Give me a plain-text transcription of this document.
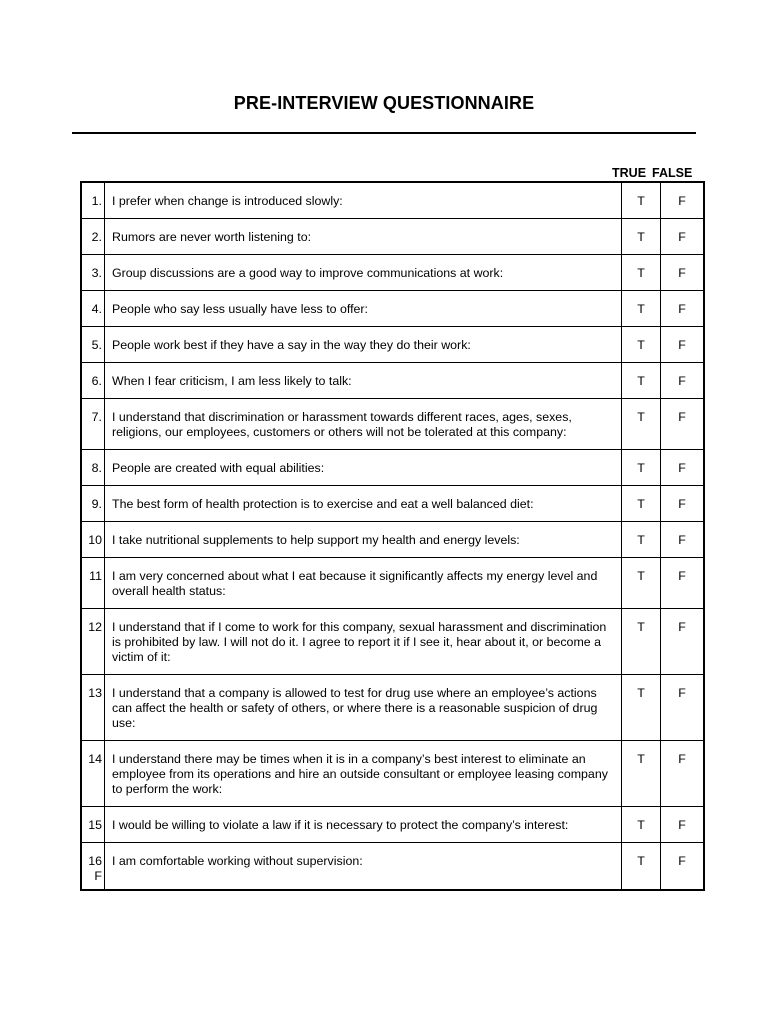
PRE-INTERVIEW QUESTIONNAIRE
TRUE FALSE
1.	I prefer when change is introduced slowly:	T	F
2.	Rumors are never worth listening to:	T	F
3.	Group discussions are a good way to improve communications at work:	T	F
4.	People who say less usually have less to offer:	T	F
5.	People work best if they have a say in the way they do their work:	T	F
6.	When I fear criticism, I am less likely to talk:	T	F
7.	I understand that discrimination or harassment towards different races, ages, sexes, religions, our employees, customers or others will not be tolerated at this company:	T	F
8.	People are created with equal abilities:	T	F
9.	The best form of health protection is to exercise and eat a well balanced diet:	T	F
10	I take nutritional supplements to help support my health and energy levels:	T	F
11	I am very concerned about what I eat because it significantly affects my energy level and overall health status:	T	F
12	I understand that if I come to work for this company, sexual harassment and discrimination is prohibited by law. I will not do it. I agree to report it if I see it, hear about it, or become a victim of it:	T	F
13	I understand that a company is allowed to test for drug use where an employee’s actions can affect the health or safety of others, or where there is a reasonable suspicion of drug use:	T	F
14	I understand there may be times when it is in a company’s best interest to eliminate an employee from its operations and hire an outside consultant or employee leasing company to perform the work:	T	F
15	I would be willing to violate a law if it is necessary to protect the company’s interest:	T	F
16 F	I am comfortable working without supervision:	T	F
